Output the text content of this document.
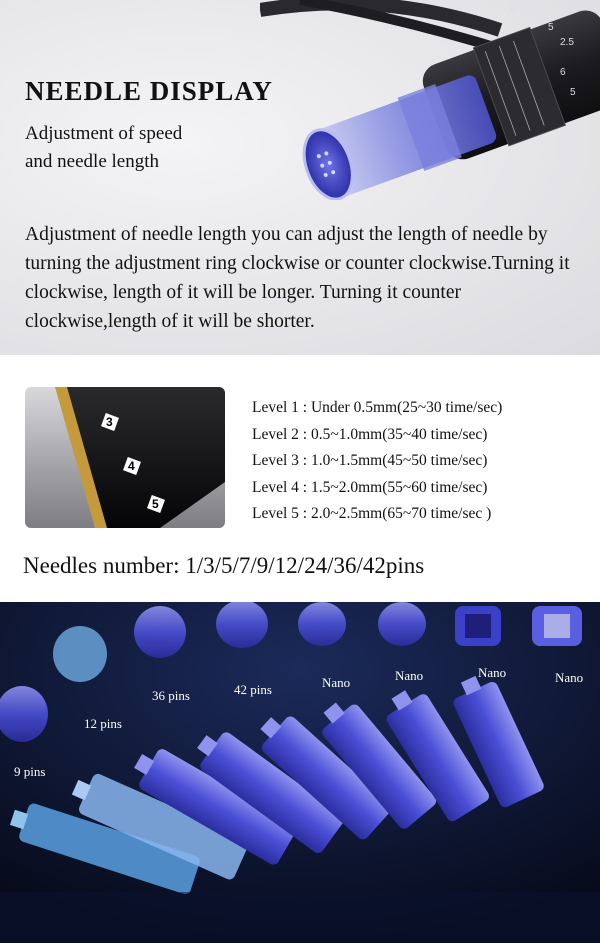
0
5
2.5
6
5
NEEDLE DISPLAY
Adjustment of speed
and needle length
Adjustment of needle length you can adjust the length of needle by turning the adjustment ring clockwise or counter clockwise.Turning it clockwise, length of it will be longer. Turning it counter clockwise,length of it will be shorter.
3
4
5
Level 1 : Under 0.5mm(25~30 time/sec)
Level 2 : 0.5~1.0mm(35~40 time/sec)
Level 3 : 1.0~1.5mm(45~50 time/sec)
Level 4 : 1.5~2.0mm(55~60 time/sec)
Level 5 : 2.0~2.5mm(65~70 time/sec )
Needles number: 1/3/5/7/9/12/24/36/42pins
9 pins
12 pins
36 pins	42 pins	Nano	Nano	Nano	Nano
